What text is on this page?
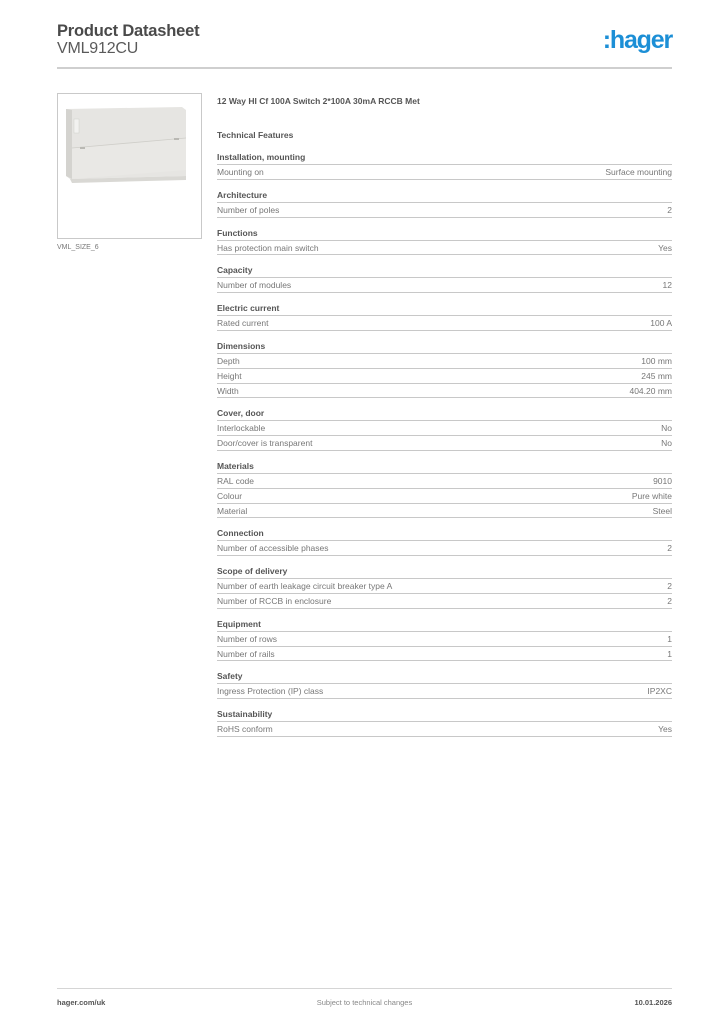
Product Datasheet
VML912CU	:hager
VML_SIZE_6
12 Way HI Cf 100A Switch 2*100A 30mA RCCB Met
Technical Features
Installation, mounting
Mounting on	Surface mounting
Architecture
Number of poles	2
Functions
Has protection main switch	Yes
Capacity
Number of modules	12
Electric current
Rated current	100 A
Dimensions
Depth	100 mm
Height	245 mm
Width	404.20 mm
Cover, door
Interlockable	No
Door/cover is transparent	No
Materials
RAL code	9010
Colour	Pure white
Material	Steel
Connection
Number of accessible phases	2
Scope of delivery
Number of earth leakage circuit breaker type A	2
Number of RCCB in enclosure	2
Equipment
Number of rows	1
Number of rails	1
Safety
Ingress Protection (IP) class	IP2XC
Sustainability
RoHS conform	Yes
hager.com/uk	Subject to technical changes	10.01.2026
